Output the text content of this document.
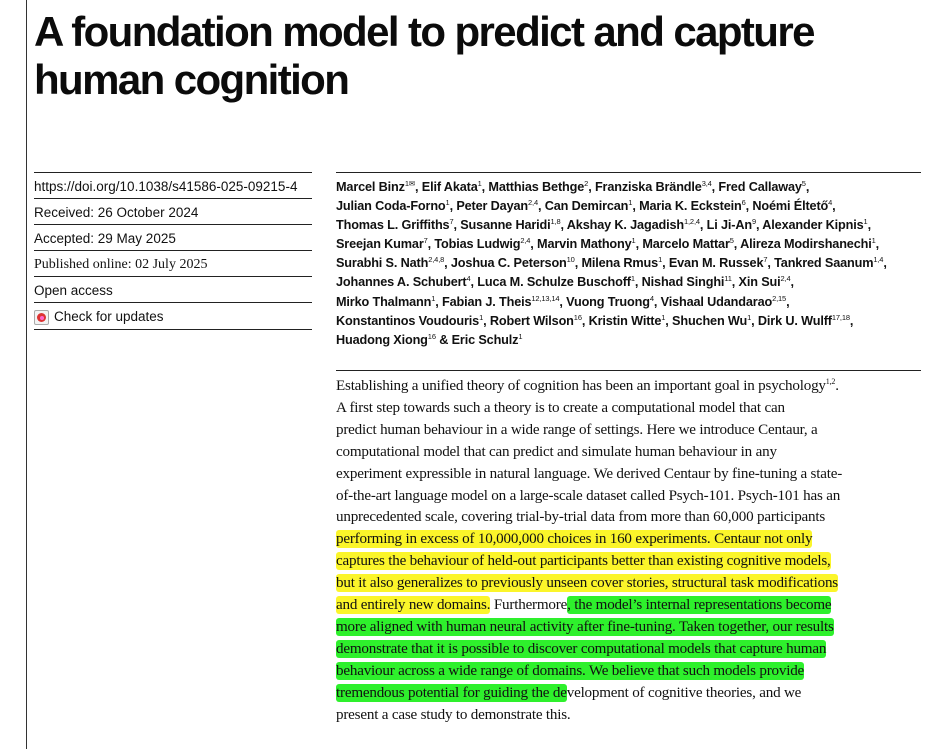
A foundation model to predict and capture human cognition
https://doi.org/10.1038/s41586-025-09215-4
Received: 26 October 2024
Accepted: 29 May 2025
Published online: 02 July 2025
Open access
Check for updates
Marcel Binz$^{1✉}$, Elif Akata$^1$, Matthias Bethge$^2$, Franziska Brändle$^{3,4}$, Fred Callaway$^5$,
Julian Coda-Forno$^1$, Peter Dayan$^{2,4}$, Can Demircan$^1$, Maria K. Eckstein$^6$, Noémi Éltető$^4$,
Thomas L. Griffiths$^7$, Susanne Haridi$^{1,8}$, Akshay K. Jagadish$^{1,2,4}$, Li Ji-An$^9$, Alexander Kipnis$^1$,
Sreejan Kumar$^7$, Tobias Ludwig$^{2,4}$, Marvin Mathony$^1$, Marcelo Mattar$^5$, Alireza Modirshanechi$^1$,
Surabhi S. Nath$^{2,4,8}$, Joshua C. Peterson$^{10}$, Milena Rmus$^1$, Evan M. Russek$^7$, Tankred Saanum$^{1,4}$,
Johannes A. Schubert$^4$, Luca M. Schulze Buschoff$^1$, Nishad Singhi$^{11}$, Xin Sui$^{2,4}$,
Mirko Thalmann$^1$, Fabian J. Theis$^{12,13,14}$, Vuong Truong$^4$, Vishaal Udandarao$^{2,15}$,
Konstantinos Voudouris$^1$, Robert Wilson$^{16}$, Kristin Witte$^1$, Shuchen Wu$^1$, Dirk U. Wulff$^{17,18}$,
Huadong Xiong$^{16}$ & Eric Schulz$^1$
Establishing a unified theory of cognition has been an important goal in psychology$^{1,2}$.
A first step towards such a theory is to create a computational model that can
predict human behaviour in a wide range of settings. Here we introduce Centaur, a
computational model that can predict and simulate human behaviour in any
experiment expressible in natural language. We derived Centaur by fine-tuning a state-
of-the-art language model on a large-scale dataset called Psych-101. Psych-101 has an
unprecedented scale, covering trial-by-trial data from more than 60,000 participants
performing in excess of 10,000,000 choices in 160 experiments. Centaur not only
captures the behaviour of held-out participants better than existing cognitive models,
but it also generalizes to previously unseen cover stories, structural task modifications
and entirely new domains. Furthermore, the model’s internal representations become
more aligned with human neural activity after fine-tuning. Taken together, our results
demonstrate that it is possible to discover computational models that capture human
behaviour across a wide range of domains. We believe that such models provide
tremendous potential for guiding the development of cognitive theories, and we
present a case study to demonstrate this.
